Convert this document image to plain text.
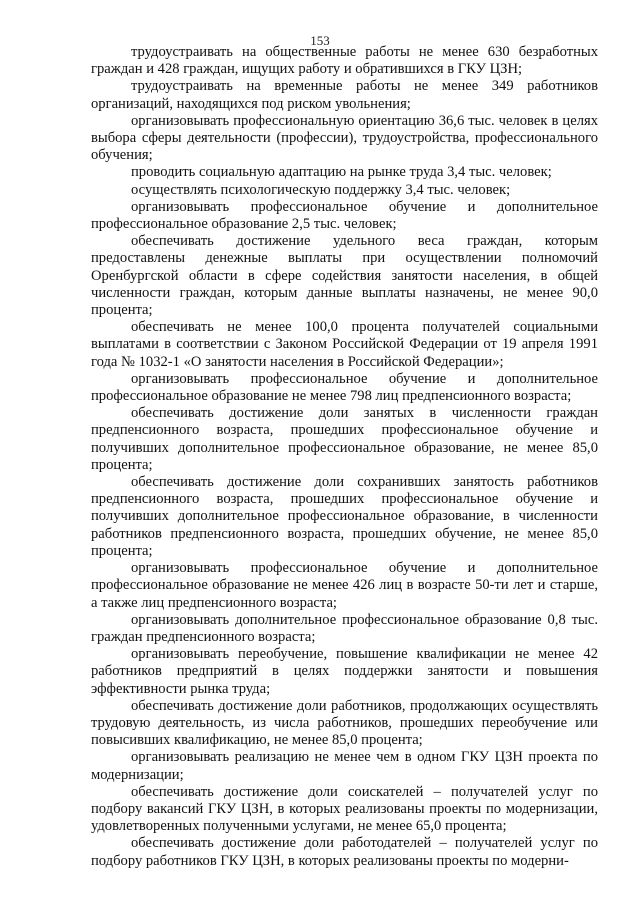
153

трудоустраивать на общественные работы не менее 630 безработных граждан и 428 граждан, ищущих работу и обратившихся в ГКУ ЦЗН;

трудоустраивать на временные работы не менее 349 работников организаций, находящихся под риском увольнения;

организовывать профессиональную ориентацию 36,6 тыс. человек в целях выбора сферы деятельности (профессии), трудоустройства, профессионального обучения;

проводить социальную адаптацию на рынке труда 3,4 тыс. человек;

осуществлять психологическую поддержку 3,4 тыс. человек;

организовывать профессиональное обучение и дополнительное профессиональное образование 2,5 тыс. человек;

обеспечивать достижение удельного веса граждан, которым предоставлены денежные выплаты при осуществлении полномочий Оренбургской области в сфере содействия занятости населения, в общей численности граждан, которым данные выплаты назначены, не менее 90,0 процента;

обеспечивать не менее 100,0 процента получателей социальными выплатами в соответствии с Законом Российской Федерации от 19 апреля 1991 года № 1032-1 «О занятости населения в Российской Федерации»;

организовывать профессиональное обучение и дополнительное профессиональное образование не менее 798 лиц предпенсионного возраста;

обеспечивать достижение доли занятых в численности граждан предпенсионного возраста, прошедших профессиональное обучение и получивших дополнительное профессиональное образование, не менее 85,0 процента;

обеспечивать достижение доли сохранивших занятость работников предпенсионного возраста, прошедших профессиональное обучение и получивших дополнительное профессиональное образование, в численности работников предпенсионного возраста, прошедших обучение, не менее 85,0 процента;

организовывать профессиональное обучение и дополнительное профессиональное образование не менее 426 лиц в возрасте 50-ти лет и старше, а также лиц предпенсионного возраста;

организовывать дополнительное профессиональное образование 0,8 тыс. граждан предпенсионного возраста;

организовывать переобучение, повышение квалификации не менее 42 работников предприятий в целях поддержки занятости и повышения эффективности рынка труда;

обеспечивать достижение доли работников, продолжающих осуществлять трудовую деятельность, из числа работников, прошедших переобучение или повысивших квалификацию, не менее 85,0 процента;

организовывать реализацию не менее чем в одном ГКУ ЦЗН проекта по модернизации;

обеспечивать достижение доли соискателей – получателей услуг по подбору вакансий ГКУ ЦЗН, в которых реализованы проекты по модернизации, удовлетворенных полученными услугами, не менее 65,0 процента;

обеспечивать достижение доли работодателей – получателей услуг по подбору работников ГКУ ЦЗН, в которых реализованы проекты по модерни-
